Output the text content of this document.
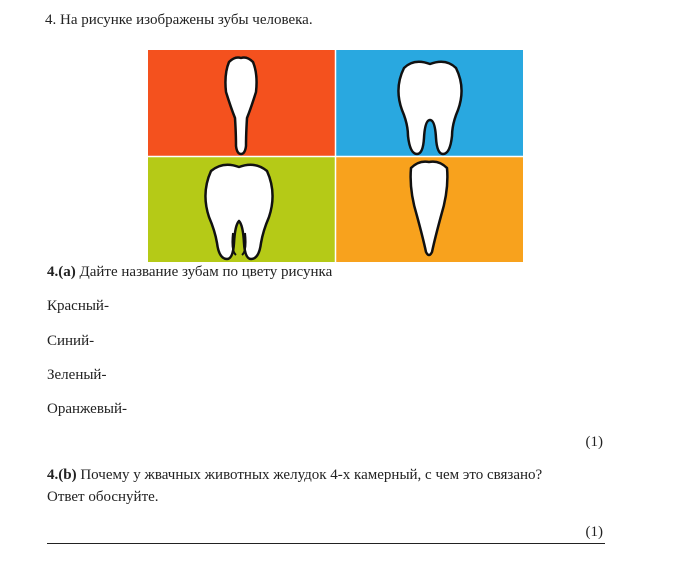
4. На рисунке изображены зубы человека.
4.(a) Дайте название зубам по цвету рисунка
Красный-
Синий-
Зеленый-
Оранжевый-
(1)
4.(b) Почему у жвачных животных желудок 4-х камерный, с чем это связано?
Ответ обоснуйте.
(1)
